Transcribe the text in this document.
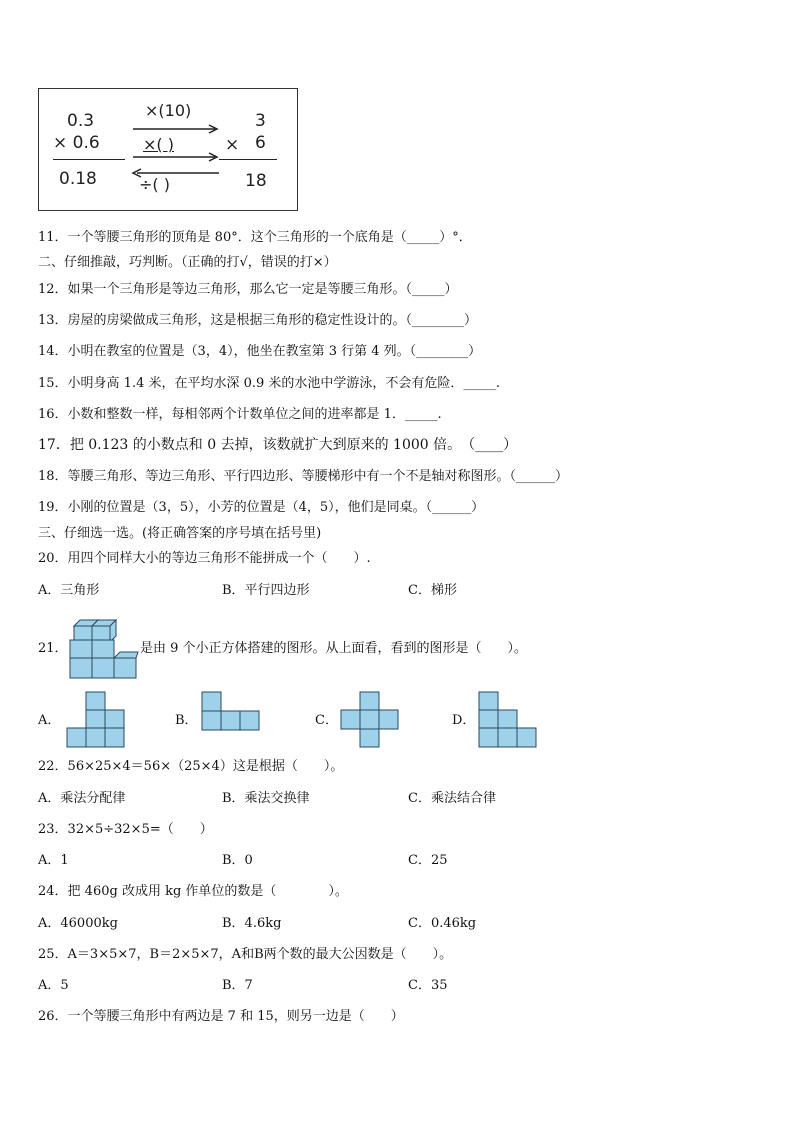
0.3
× 0.6
0.18
×(10)
×( )
÷( )
3
× 6
18
11．一个等腰三角形的顶角是 80°．这个三角形的一个底角是（_____）°．
二、仔细推敲，巧判断。（正确的打√，错误的打×）
12．如果一个三角形是等边三角形，那么它一定是等腰三角形。（_____）
13．房屋的房梁做成三角形，这是根据三角形的稳定性设计的。（________）
14．小明在教室的位置是（3，4），他坐在教室第 3 行第 4 列。（________）
15．小明身高 1.4 米，在平均水深 0.9 米的水池中学游泳，不会有危险．_____.
16．小数和整数一样，每相邻两个计数单位之间的进率都是 1．_____.
17．把 0.123 的小数点和 0 去掉，该数就扩大到原来的 1000 倍。　（____）
18．等腰三角形、等边三角形、平行四边形、等腰梯形中有一个不是轴对称图形。（______）
19．小刚的位置是（3，5），小芳的位置是（4，5），他们是同桌。（______）
三、仔细选一选。(将正确答案的序号填在括号里)
20．用四个同样大小的等边三角形不能拼成一个（　　）.
A．三角形	B．平行四边形	C．梯形
21．	是由 9 个小正方体搭建的图形。从上面看，看到的图形是（　　）。
A．	B．	C．	D．
22．56×25×4＝56×（25×4）这是根据（　　）。
A．乘法分配律	B．乘法交换律	C．乘法结合律
23．32×5÷32×5=（　　）
A．1	B．0	C．25
24．把 460g 改成用 kg 作单位的数是（　　　　）。
A．46000kg	B．4.6kg	C．0.46kg
25．A＝3×5×7，B＝2×5×7，A和B两个数的最大公因数是（　　）。
A．5	B．7	C．35
26．一个等腰三角形中有两边是 7 和 15，则另一边是（　　）
